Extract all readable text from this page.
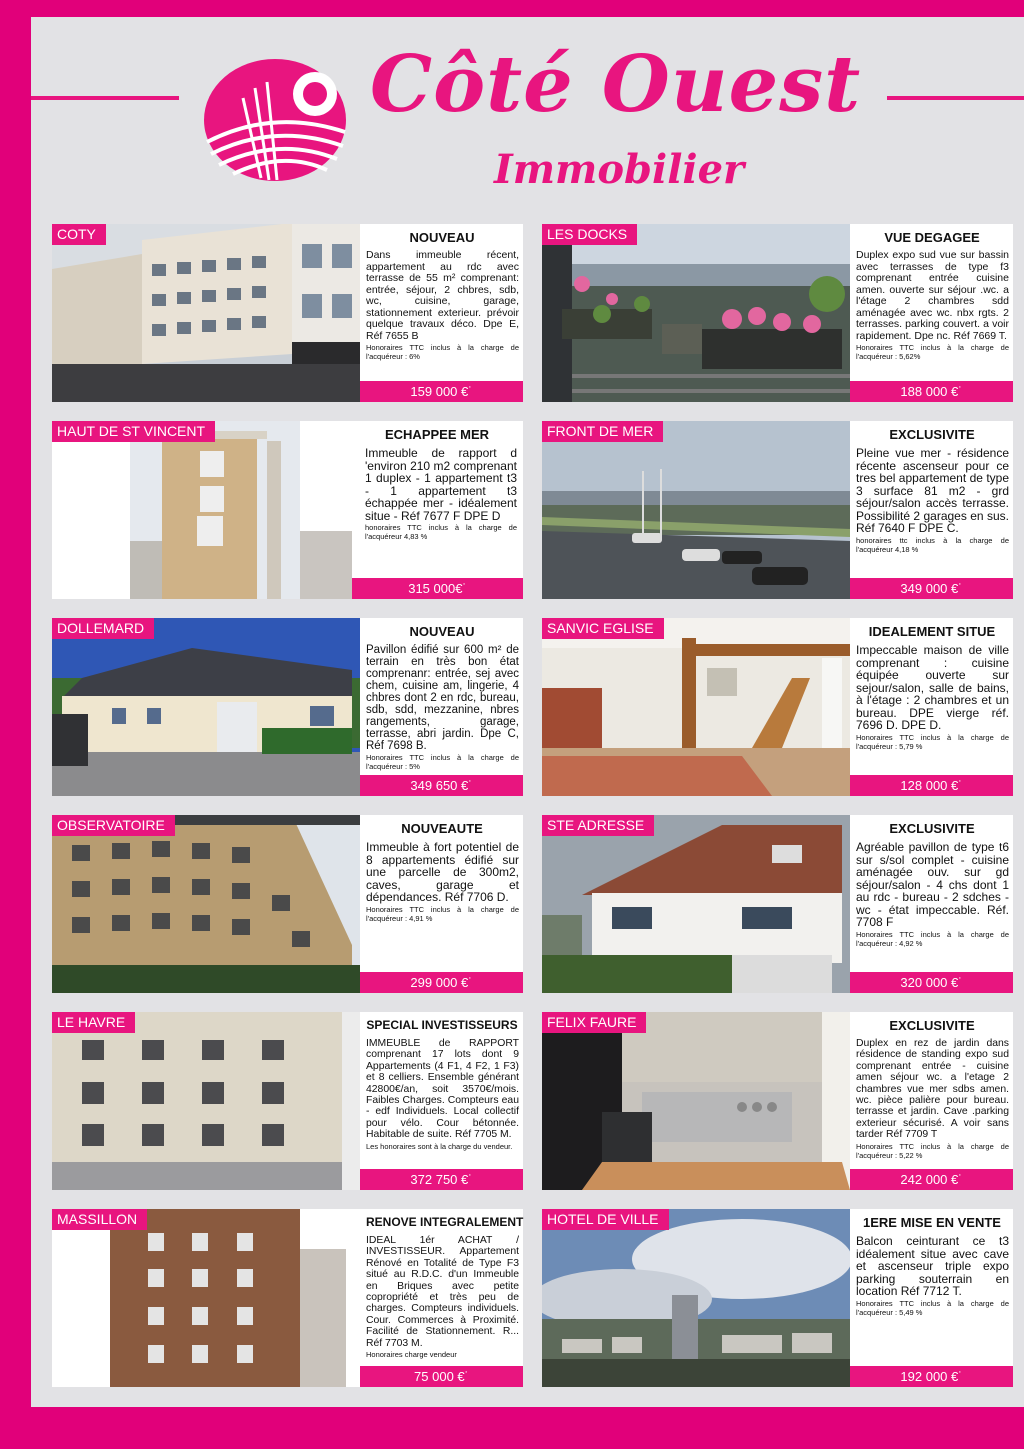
Côté Ouest
Immobilier
COTY	NOUVEAU
Dans immeuble récent, appartement au rdc avec terrasse de 55 m² comprenant: entrée, séjour, 2 chbres, sdb, wc, cuisine, garage, stationnement exterieur. prévoir quelque travaux déco. Dpe E, Réf 7655 B
Honoraires TTC inclus à la charge de l'acquéreur : 6%
159 000 €˙
LES DOCKS	VUE DEGAGEE
Duplex expo sud vue sur bassin avec terrasses de type f3 comprenant entrée cuisine amen. ouverte sur séjour .wc. a l'étage 2 chambres sdd aménagée avec wc. nbx rgts. 2 terrasses. parking couvert. a voir rapidement. Dpe nc. Réf 7669 T.
Honoraires TTC inclus à la charge de l'acquéreur : 5,62%
188 000 €˙
HAUT DE ST VINCENT	ECHAPPEE MER
Immeuble de rapport d 'environ 210 m2 comprenant 1 duplex - 1 appartement t3 - 1 appartement t3 échappée mer - idéalement situe - Réf 7677 F DPE D
honoraires TTC inclus à la charge de l'acquéreur 4,83 %
315 000€˙
FRONT DE MER	EXCLUSIVITE
Pleine vue mer - résidence récente ascenseur pour ce tres bel appartement de type 3 surface 81 m2 - grd séjour/salon accès terrasse. Possibilité 2 garages en sus. Réf 7640 F DPE C.
honoraires ttc inclus à la charge de l'acquéreur 4,18 %
349 000 €˙
DOLLEMARD	NOUVEAU
Pavillon édifié sur 600 m² de terrain en très bon état comprenanr: entrée, sej avec chem, cuisine am, lingerie, 4 chbres dont 2 en rdc, bureau, sdb, sdd, mezzanine, nbres rangements, garage, terrasse, abri jardin. Dpe C, Réf 7698 B.
Honoraires TTC inclus à la charge de l'acquéreur : 5%
349 650 €˙
SANVIC EGLISE	IDEALEMENT SITUE
Impeccable maison de ville comprenant : cuisine équipée ouverte sur sejour/salon, salle de bains, à l'étage : 2 chambres et un bureau. DPE vierge réf. 7696 D. DPE D.
Honoraires TTC inclus à la charge de l'acquéreur : 5,79 %
128 000 €˙
OBSERVATOIRE	NOUVEAUTE
Immeuble à fort potentiel de 8 appartements édifié sur une parcelle de 300m2, caves, garage et dépendances. Réf 7706 D.
Honoraires TTC inclus à la charge de l'acquéreur : 4,91 %
299 000 €˙
STE ADRESSE	EXCLUSIVITE
Agréable pavillon de type t6 sur s/sol complet - cuisine aménagée ouv. sur gd séjour/salon - 4 chs dont 1 au rdc - bureau - 2 sdches - wc - état impeccable. Réf. 7708 F
Honoraires TTC inclus à la charge de l'acquéreur : 4,92 %
320 000 €˙
LE HAVRE	SPECIAL INVESTISSEURS
IMMEUBLE de RAPPORT comprenant 17 lots dont 9 Appartements (4 F1, 4 F2, 1 F3) et 8 celliers. Ensemble générant 42800€/an, soit 3570€/mois. Faibles Charges. Compteurs eau - edf Individuels. Local collectif pour vélo. Cour bétonnée. Habitable de suite. Réf 7705 M.
Les honoraires sont à la charge du vendeur.
372 750 €˙
FELIX FAURE	EXCLUSIVITE
Duplex en rez de jardin dans résidence de standing expo sud comprenant entrée - cuisine amen séjour wc. a l'etage 2 chambres vue mer sdbs amen. wc. pièce palière pour bureau. terrasse et jardin. Cave .parking exterieur sécurisé. A voir sans tarder Réf 7709 T
Honoraires TTC inclus à la charge de l'acquéreur : 5,22 %
242 000 €˙
MASSILLON	RENOVE INTEGRALEMENT
IDEAL 1ér ACHAT / INVESTISSEUR. Appartement Rénové en Totalité de Type F3 situé au R.D.C. d'un Immeuble en Briques avec petite copropriété et très peu de charges. Compteurs individuels. Cour. Commerces à Proximité. Facilité de Stationnement. R... Réf 7703 M.
Honoraires charge vendeur
75 000 €˙
HOTEL DE VILLE	1ERE MISE EN VENTE
Balcon ceinturant ce t3 idéalement situe avec cave et ascenseur triple expo parking souterrain en location Réf 7712 T.
Honoraires TTC inclus à la charge de l'acquéreur : 5,49 %
192 000 €˙
